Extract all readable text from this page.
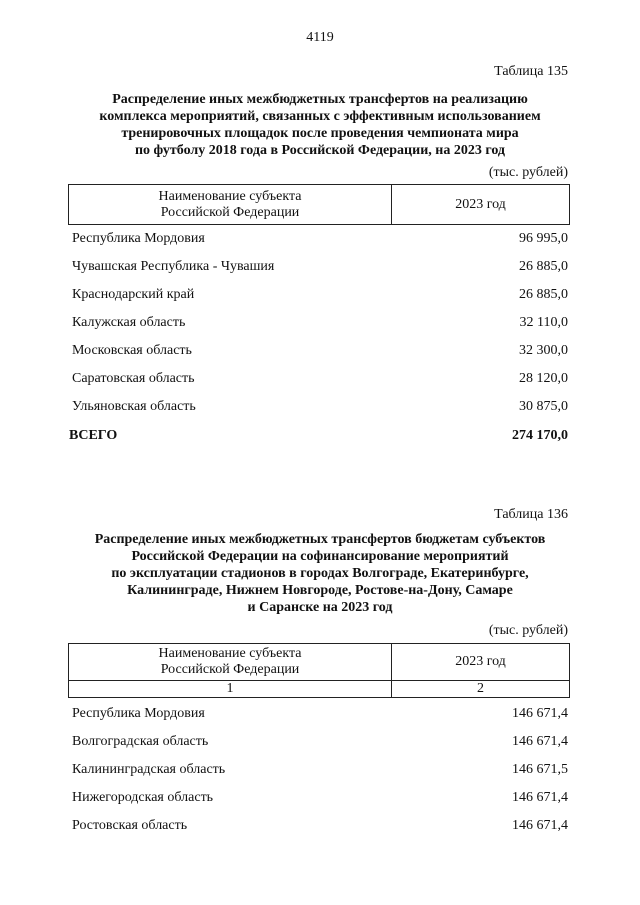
4119
Таблица 135
Распределение иных межбюджетных трансфертов на реализацию
комплекса мероприятий, связанных с эффективным использованием
тренировочных площадок после проведения чемпионата мира
по футболу 2018 года в Российской Федерации, на 2023 год
(тыс. рублей)
Наименование субъекта
Российской Федерации	2023 год
Республика Мордовия	96 995,0
Чувашская Республика - Чувашия	26 885,0
Краснодарский край	26 885,0
Калужская область	32 110,0
Московская область	32 300,0
Саратовская область	28 120,0
Ульяновская область	30 875,0
ВСЕГО	274 170,0
Таблица 136
Распределение иных межбюджетных трансфертов бюджетам субъектов
Российской Федерации на софинансирование мероприятий
по эксплуатации стадионов в городах Волгограде, Екатеринбурге,
Калининграде, Нижнем Новгороде, Ростове-на-Дону, Самаре
и Саранске на 2023 год
(тыс. рублей)
Наименование субъекта
Российской Федерации	2023 год
1	2
Республика Мордовия	146 671,4
Волгоградская область	146 671,4
Калининградская область	146 671,5
Нижегородская область	146 671,4
Ростовская область	146 671,4
